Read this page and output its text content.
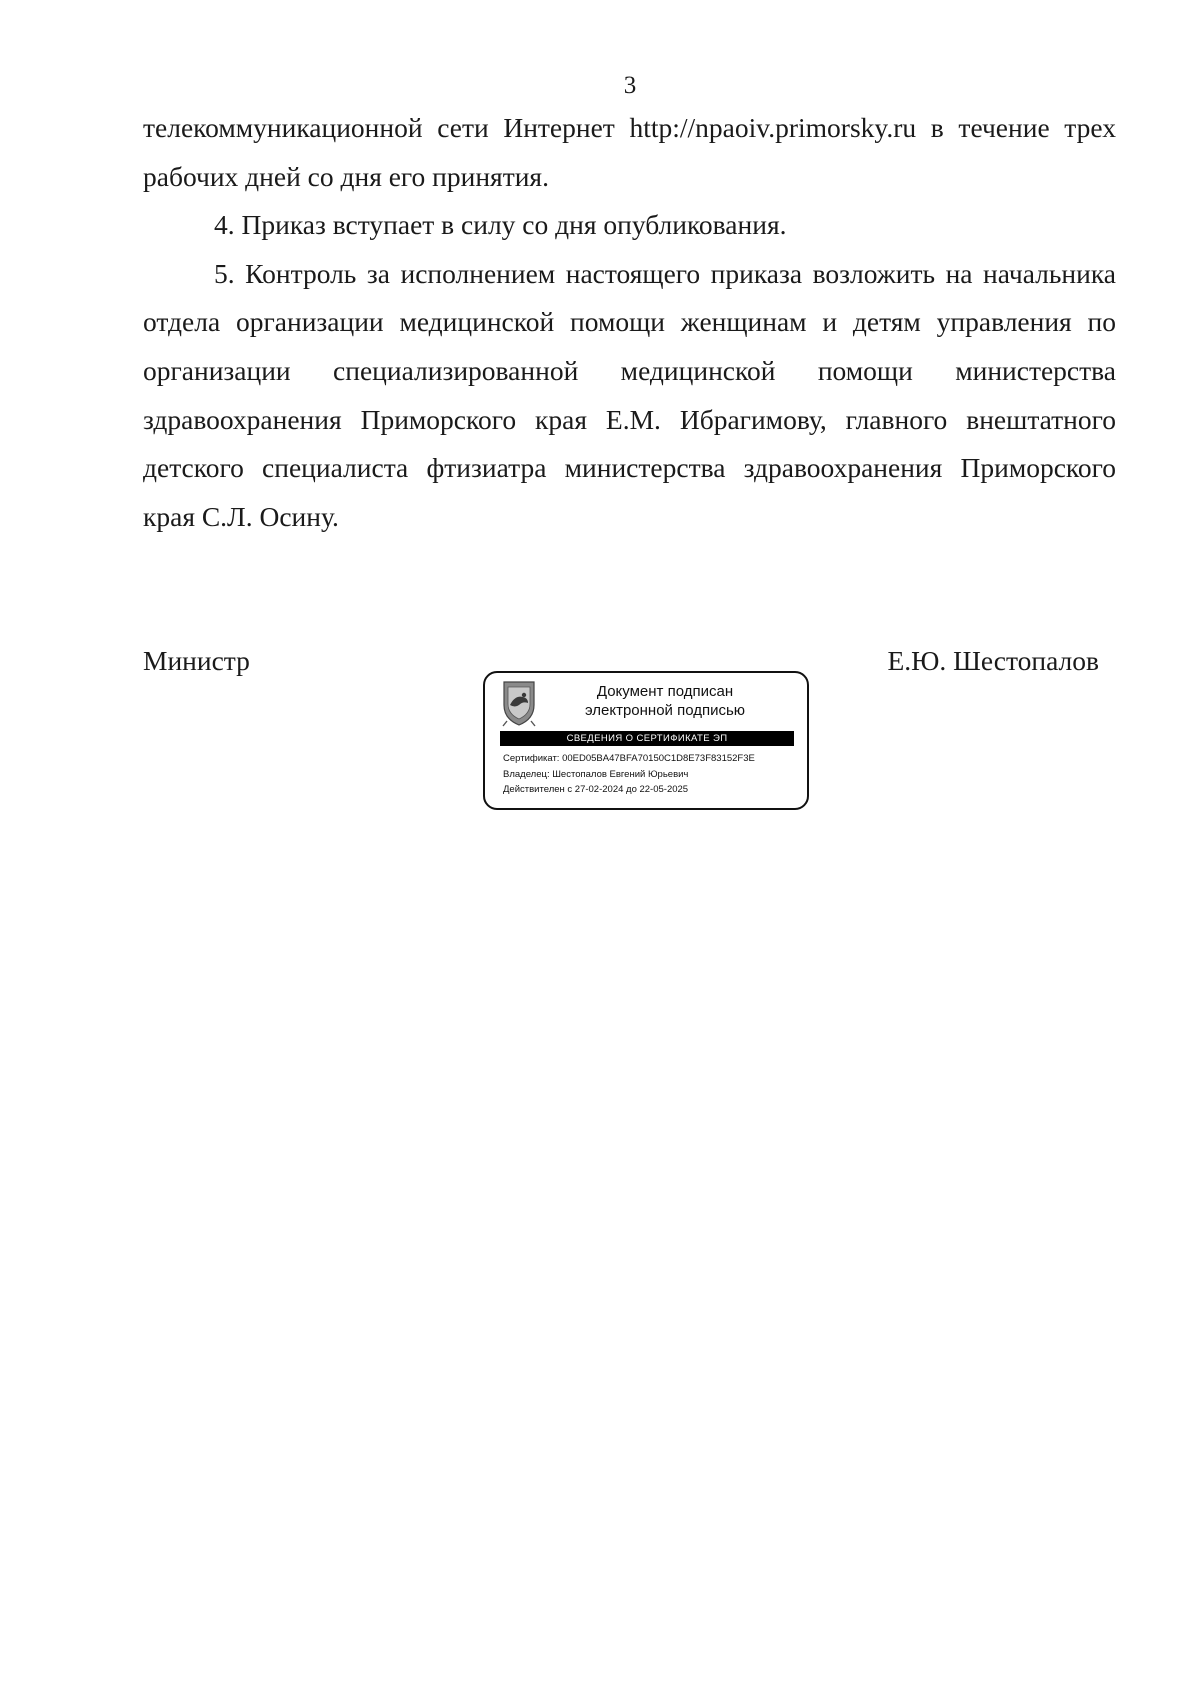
3

телекоммуникационной сети Интернет http://npaoiv.primorsky.ru в течение трех рабочих дней со дня его принятия.

4. Приказ вступает в силу со дня опубликования.

5. Контроль за исполнением настоящего приказа возложить на начальника отдела организации медицинской помощи женщинам и детям управления по организации специализированной медицинской помощи министерства здравоохранения Приморского края Е.М. Ибрагимову, главного внештатного детского специалиста фтизиатра министерства здравоохранения Приморского края С.Л. Осину.

Министр	Е.Ю. Шестопалов
Документ подписан
электронной подписью
СВЕДЕНИЯ О СЕРТИФИКАТЕ ЭП
Сертификат: 00ED05BA47BFA70150C1D8E73F83152F3E
Владелец: Шестопалов Евгений Юрьевич
Действителен с 27-02-2024 до 22-05-2025
